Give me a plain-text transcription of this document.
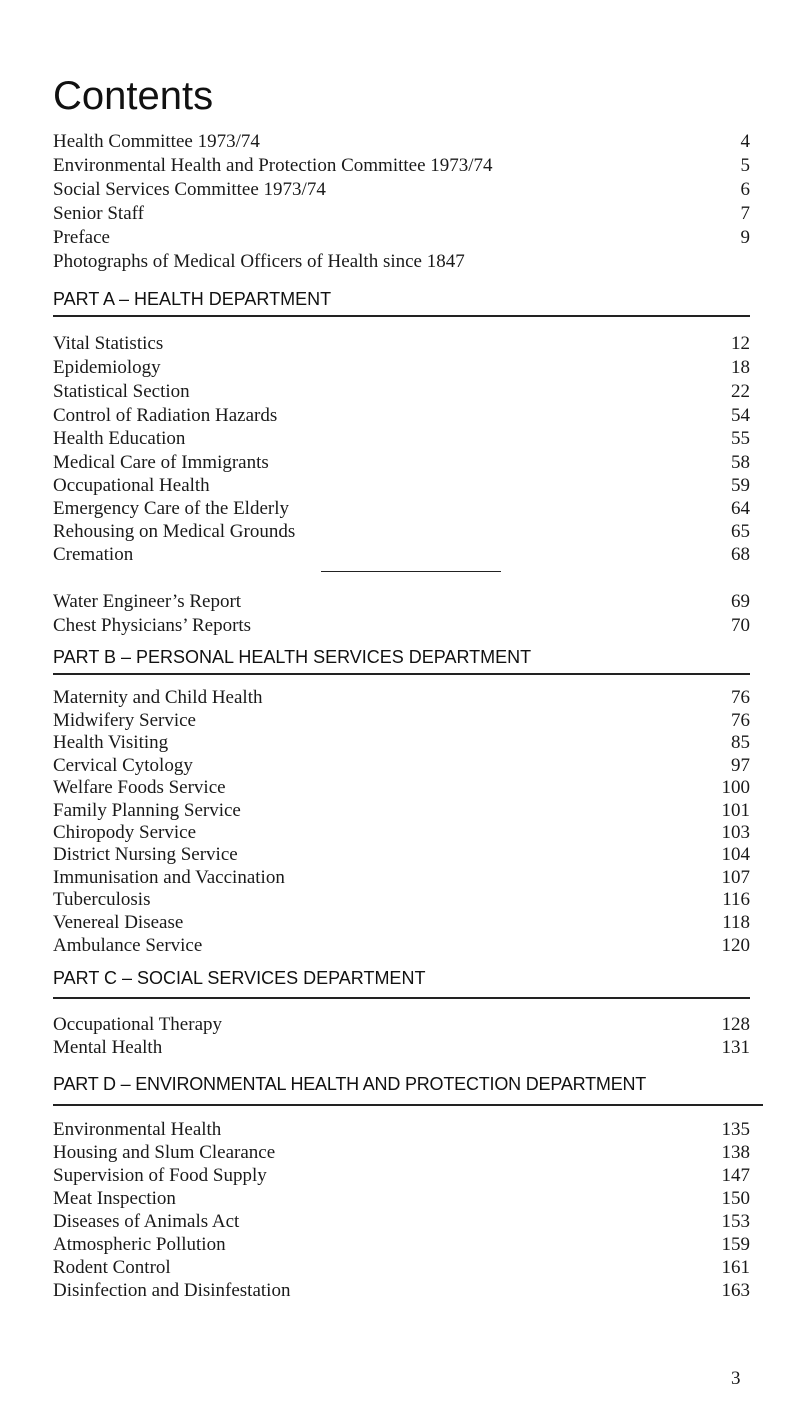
Contents
Health Committee 1973/74	4
Environmental Health and Protection Committee 1973/74	5
Social Services Committee 1973/74	6
Senior Staff	7
Preface	9
Photographs of Medical Officers of Health since 1847
PART A – HEALTH DEPARTMENT
Vital Statistics	12
Epidemiology	18
Statistical Section	22
Control of Radiation Hazards	54
Health Education	55
Medical Care of Immigrants	58
Occupational Health	59
Emergency Care of the Elderly	64
Rehousing on Medical Grounds	65
Cremation	68
Water Engineer’s Report	69
Chest Physicians’ Reports	70
PART B – PERSONAL HEALTH SERVICES DEPARTMENT
Maternity and Child Health	76
Midwifery Service	76
Health Visiting	85
Cervical Cytology	97
Welfare Foods Service	100
Family Planning Service	101
Chiropody Service	103
District Nursing Service	104
Immunisation and Vaccination	107
Tuberculosis	116
Venereal Disease	118
Ambulance Service	120
PART C – SOCIAL SERVICES DEPARTMENT
Occupational Therapy	128
Mental Health	131
PART D – ENVIRONMENTAL HEALTH AND PROTECTION DEPARTMENT
Environmental Health	135
Housing and Slum Clearance	138
Supervision of Food Supply	147
Meat Inspection	150
Diseases of Animals Act	153
Atmospheric Pollution	159
Rodent Control	161
Disinfection and Disinfestation	163
3
